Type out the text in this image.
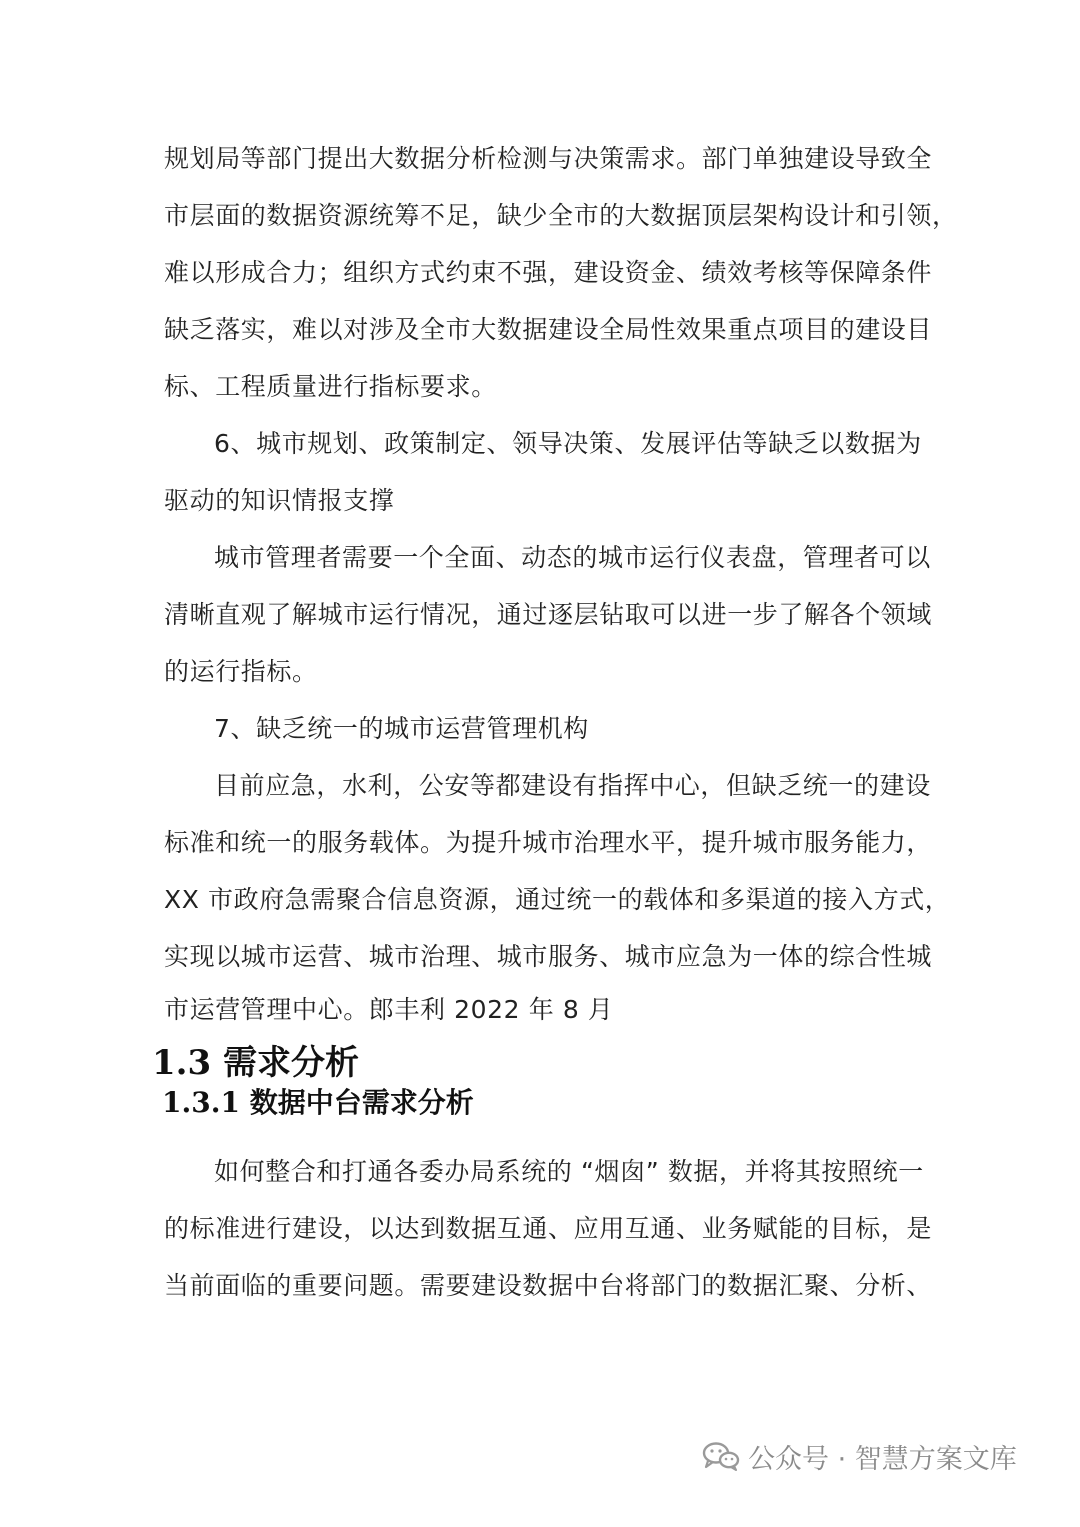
规划局等部门提出大数据分析检测与决策需求。部门单独建设导致全

市层面的数据资源统筹不足，缺少全市的大数据顶层架构设计和引领，

难以形成合力；组织方式约束不强，建设资金、绩效考核等保障条件

缺乏落实，难以对涉及全市大数据建设全局性效果重点项目的建设目

标、工程质量进行指标要求。

6、城市规划、政策制定、领导决策、发展评估等缺乏以数据为

驱动的知识情报支撑

城市管理者需要一个全面、动态的城市运行仪表盘，管理者可以

清晰直观了解城市运行情况，通过逐层钻取可以进一步了解各个领域

的运行指标。

7、缺乏统一的城市运营管理机构

目前应急，水利，公安等都建设有指挥中心，但缺乏统一的建设

标准和统一的服务载体。为提升城市治理水平，提升城市服务能力，

XX 市政府急需聚合信息资源，通过统一的载体和多渠道的接入方式，

实现以城市运营、城市治理、城市服务、城市应急为一体的综合性城

市运营管理中心。郎丰利 2022 年 8 月

1.3 需求分析
1.3.1 数据中台需求分析

如何整合和打通各委办局系统的 “烟囱” 数据，并将其按照统一

的标准进行建设，以达到数据互通、应用互通、业务赋能的目标，是

当前面临的重要问题。需要建设数据中台将部门的数据汇聚、分析、

公众号 · 智慧方案文库
